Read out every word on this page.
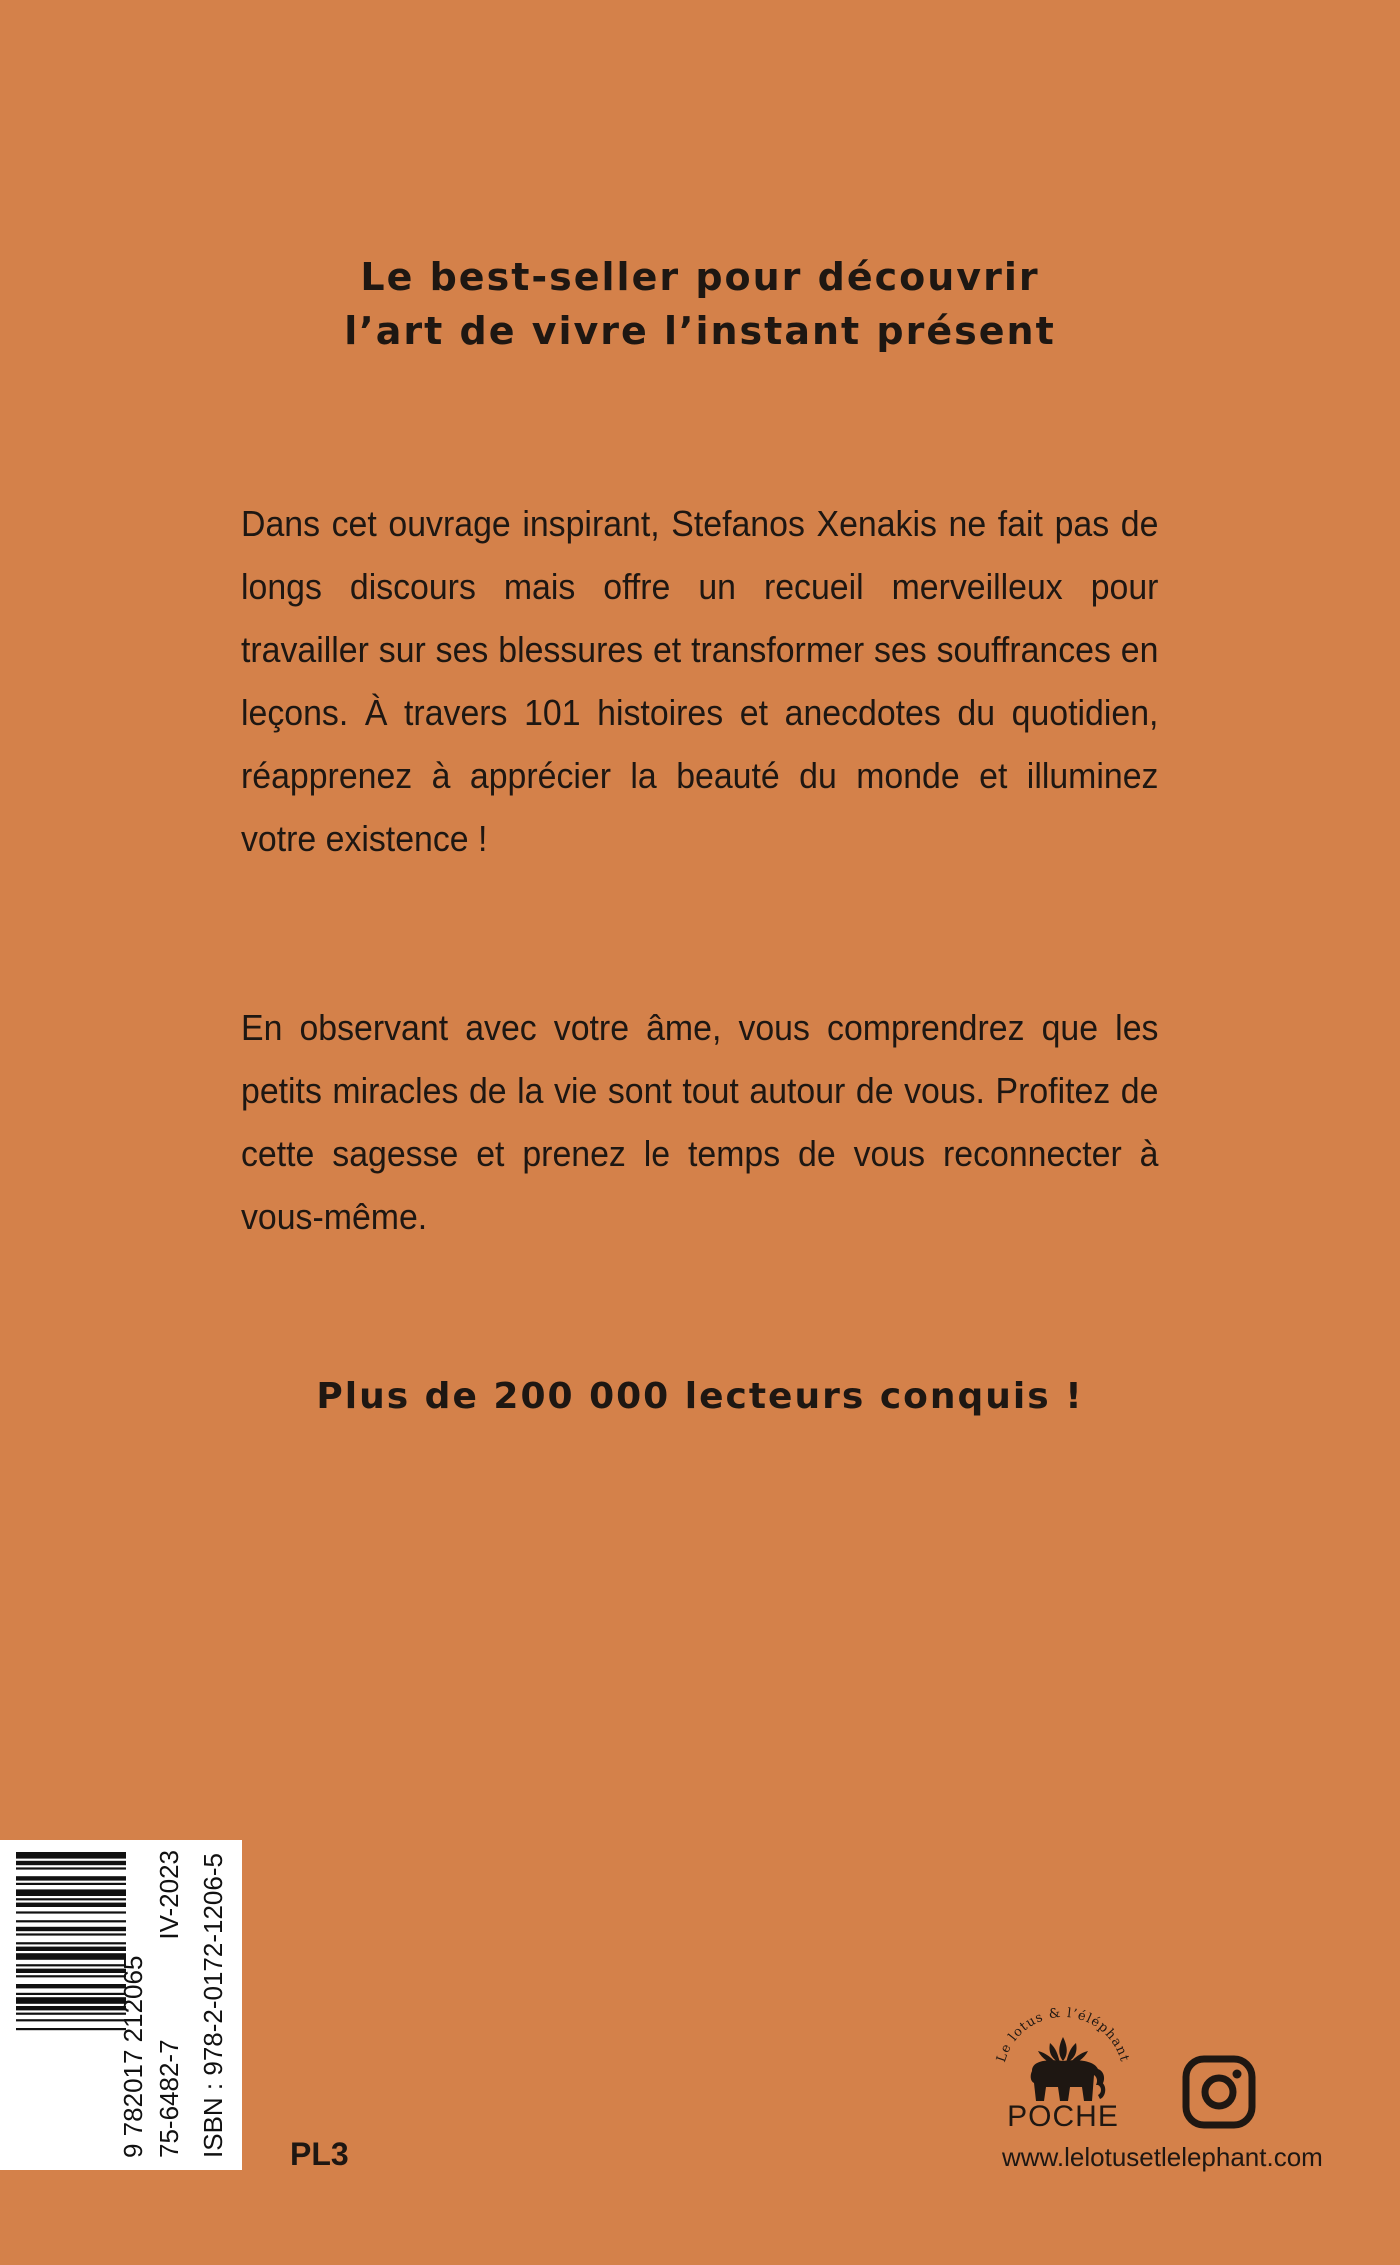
Le best-seller pour découvrir
l’art de vivre l’instant présent

Dans cet ouvrage inspirant, Stefanos Xenakis ne fait pas de longs discours mais offre un recueil merveilleux pour travailler sur ses blessures et transformer ses souffrances en leçons. À travers 101 histoires et anecdotes du quotidien, réapprenez à apprécier la beauté du monde et illuminez votre existence !

En observant avec votre âme, vous comprendrez que les petits miracles de la vie sont tout autour de vous. Profitez de cette sagesse et prenez le temps de vous reconnecter à vous-même.

Plus de 200 000 lecteurs conquis !

9 782017 212065 75-6482-7
IV-2023 ISBN : 978-2-0172-1206-5 PL3
Le lotus & l’éléphant
POCHE
www.lelotusetlelephant.com
